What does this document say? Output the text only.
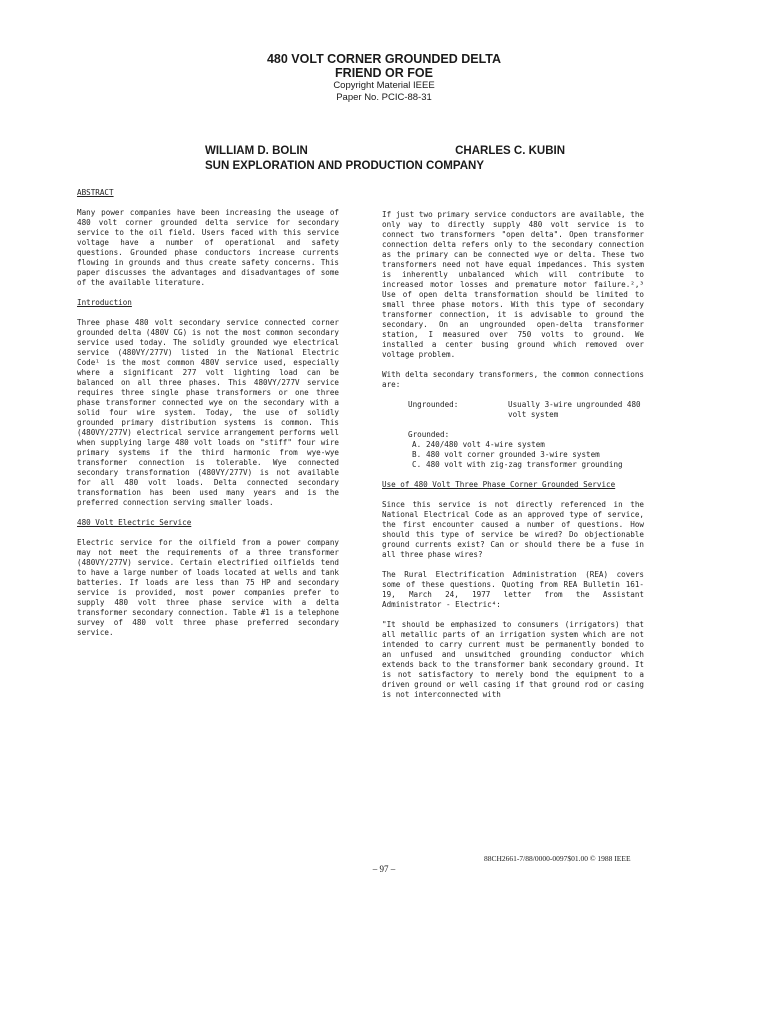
480 VOLT CORNER GROUNDED DELTA
FRIEND OR FOE
Copyright Material IEEE
Paper No. PCIC-88-31
WILLIAM D. BOLIN	CHARLES C. KUBIN
SUN EXPLORATION AND PRODUCTION COMPANY
ABSTRACT

Many power companies have been increasing the useage of 480 volt corner grounded delta service for secondary service to the oil field. Users faced with this service voltage have a number of operational and safety questions. Grounded phase conductors increase currents flowing in grounds and thus create safety concerns. This paper discusses the advantages and disadvantages of some of the available literature.

Introduction

Three phase 480 volt secondary service connected corner grounded delta (480V CG) is not the most common secondary service used today. The solidly grounded wye electrical service (480VY/277V) listed in the National Electric Code¹ is the most common 480V service used, especially where a significant 277 volt lighting load can be balanced on all three phases. This 480VY/277V service requires three single phase transformers or one three phase transformer connected wye on the secondary with a solid four wire system. Today, the use of solidly grounded primary distribution systems is common. This (480VY/277V) electrical service arrangement performs well when supplying large 480 volt loads on "stiff" four wire primary systems if the third harmonic from wye-wye transformer connection is tolerable. Wye connected secondary transformation (480VY/277V) is not available for all 480 volt loads. Delta connected secondary transformation has been used many years and is the preferred connection serving smaller loads.

480 Volt Electric Service

Electric service for the oilfield from a power company may not meet the requirements of a three transformer (480VY/277V) service. Certain electrified oilfields tend to have a large number of loads located at wells and tank batteries. If loads are less than 75 HP and secondary service is provided, most power companies prefer to supply 480 volt three phase service with a delta transformer secondary connection. Table #1 is a telephone survey of 480 volt three phase preferred secondary service.

If just two primary service conductors are available, the only way to directly supply 480 volt service is to connect two transformers "open delta". Open transformer connection delta refers only to the secondary connection as the primary can be connected wye or delta. These two transformers need not have equal impedances. This system is inherently unbalanced which will contribute to increased motor losses and premature motor failure.²,³ Use of open delta transformation should be limited to small three phase motors. With this type of secondary transformer connection, it is advisable to ground the secondary. On an ungrounded open-delta transformer station, I measured over 750 volts to ground. We installed a center busing ground which removed over voltage problem.

With delta secondary transformers, the common connections are:

Ungrounded:	Usually 3-wire ungrounded 480 volt system
Grounded:
A. 240/480 volt 4-wire system
B. 480 volt corner grounded 3-wire system
C. 480 volt with zig-zag transformer grounding
Use of 480 Volt Three Phase Corner Grounded Service

Since this service is not directly referenced in the National Electrical Code as an approved type of service, the first encounter caused a number of questions. How should this type of service be wired? Do objectionable ground currents exist? Can or should there be a fuse in all three phase wires?

The Rural Electrification Administration (REA) covers some of these questions. Quoting from REA Bulletin 161-19, March 24, 1977 letter from the Assistant Administrator - Electric⁴:

"It should be emphasized to consumers (irrigators) that all metallic parts of an irrigation system which are not intended to carry current must be permanently bonded to an unfused and unswitched grounding conductor which extends back to the transformer bank secondary ground. It is not satisfactory to merely bond the equipment to a driven ground or well casing if that ground rod or casing is not interconnected with

88CH2661-7/88/0000-0097$01.00 © 1988 IEEE
– 97 –
